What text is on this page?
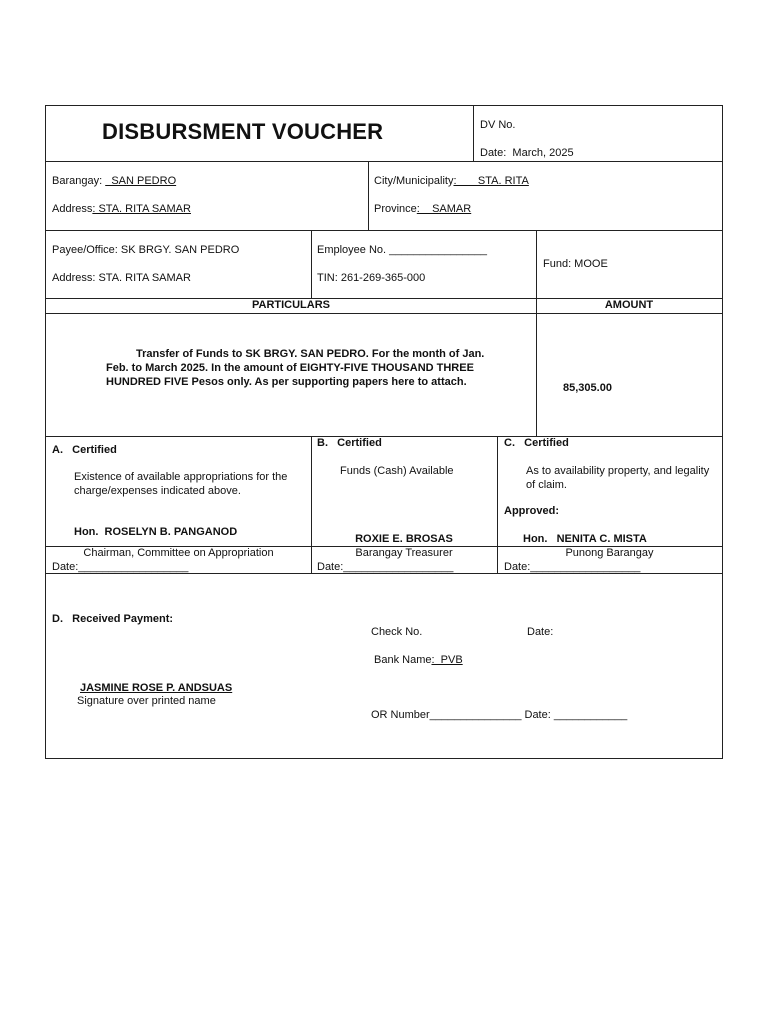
DISBURSMENT VOUCHER	DV No.
Date: March, 2025
Barangay:   SAN PEDRO
Address: STA. RITA SAMAR
City/Municipality:       STA. RITA
Province:    SAMAR
Payee/Office: SK BRGY. SAN PEDRO
Address: STA. RITA SAMAR
Employee No. ________________
TIN: 261-269-365-000
Fund: MOOE
PARTICULARS	AMOUNT
Transfer of Funds to SK BRGY. SAN PEDRO. For the month of Jan. Feb. to March 2025. In the amount of EIGHTY-FIVE THOUSAND THREE HUNDRED FIVE Pesos only. As per supporting papers here to attach.	85,305.00
A.   Certified
Existence of available appropriations for the charge/expenses indicated above.
Hon.  ROSELYN B. PANGANOD
Chairman, Committee on Appropriation
Date:__________________
B.   Certified
Funds (Cash) Available
ROXIE E. BROSAS
Barangay Treasurer
Date:__________________
C.   Certified
As to availability property, and legality of claim.
Approved:
Hon.   NENITA C. MISTA
Punong Barangay
Date:__________________
D.   Received Payment:
Check No.	Date:
Bank Name:  PVB
JASMINE ROSE P. ANDSUAS
Signature over printed name
OR Number_______________ Date: ____________
